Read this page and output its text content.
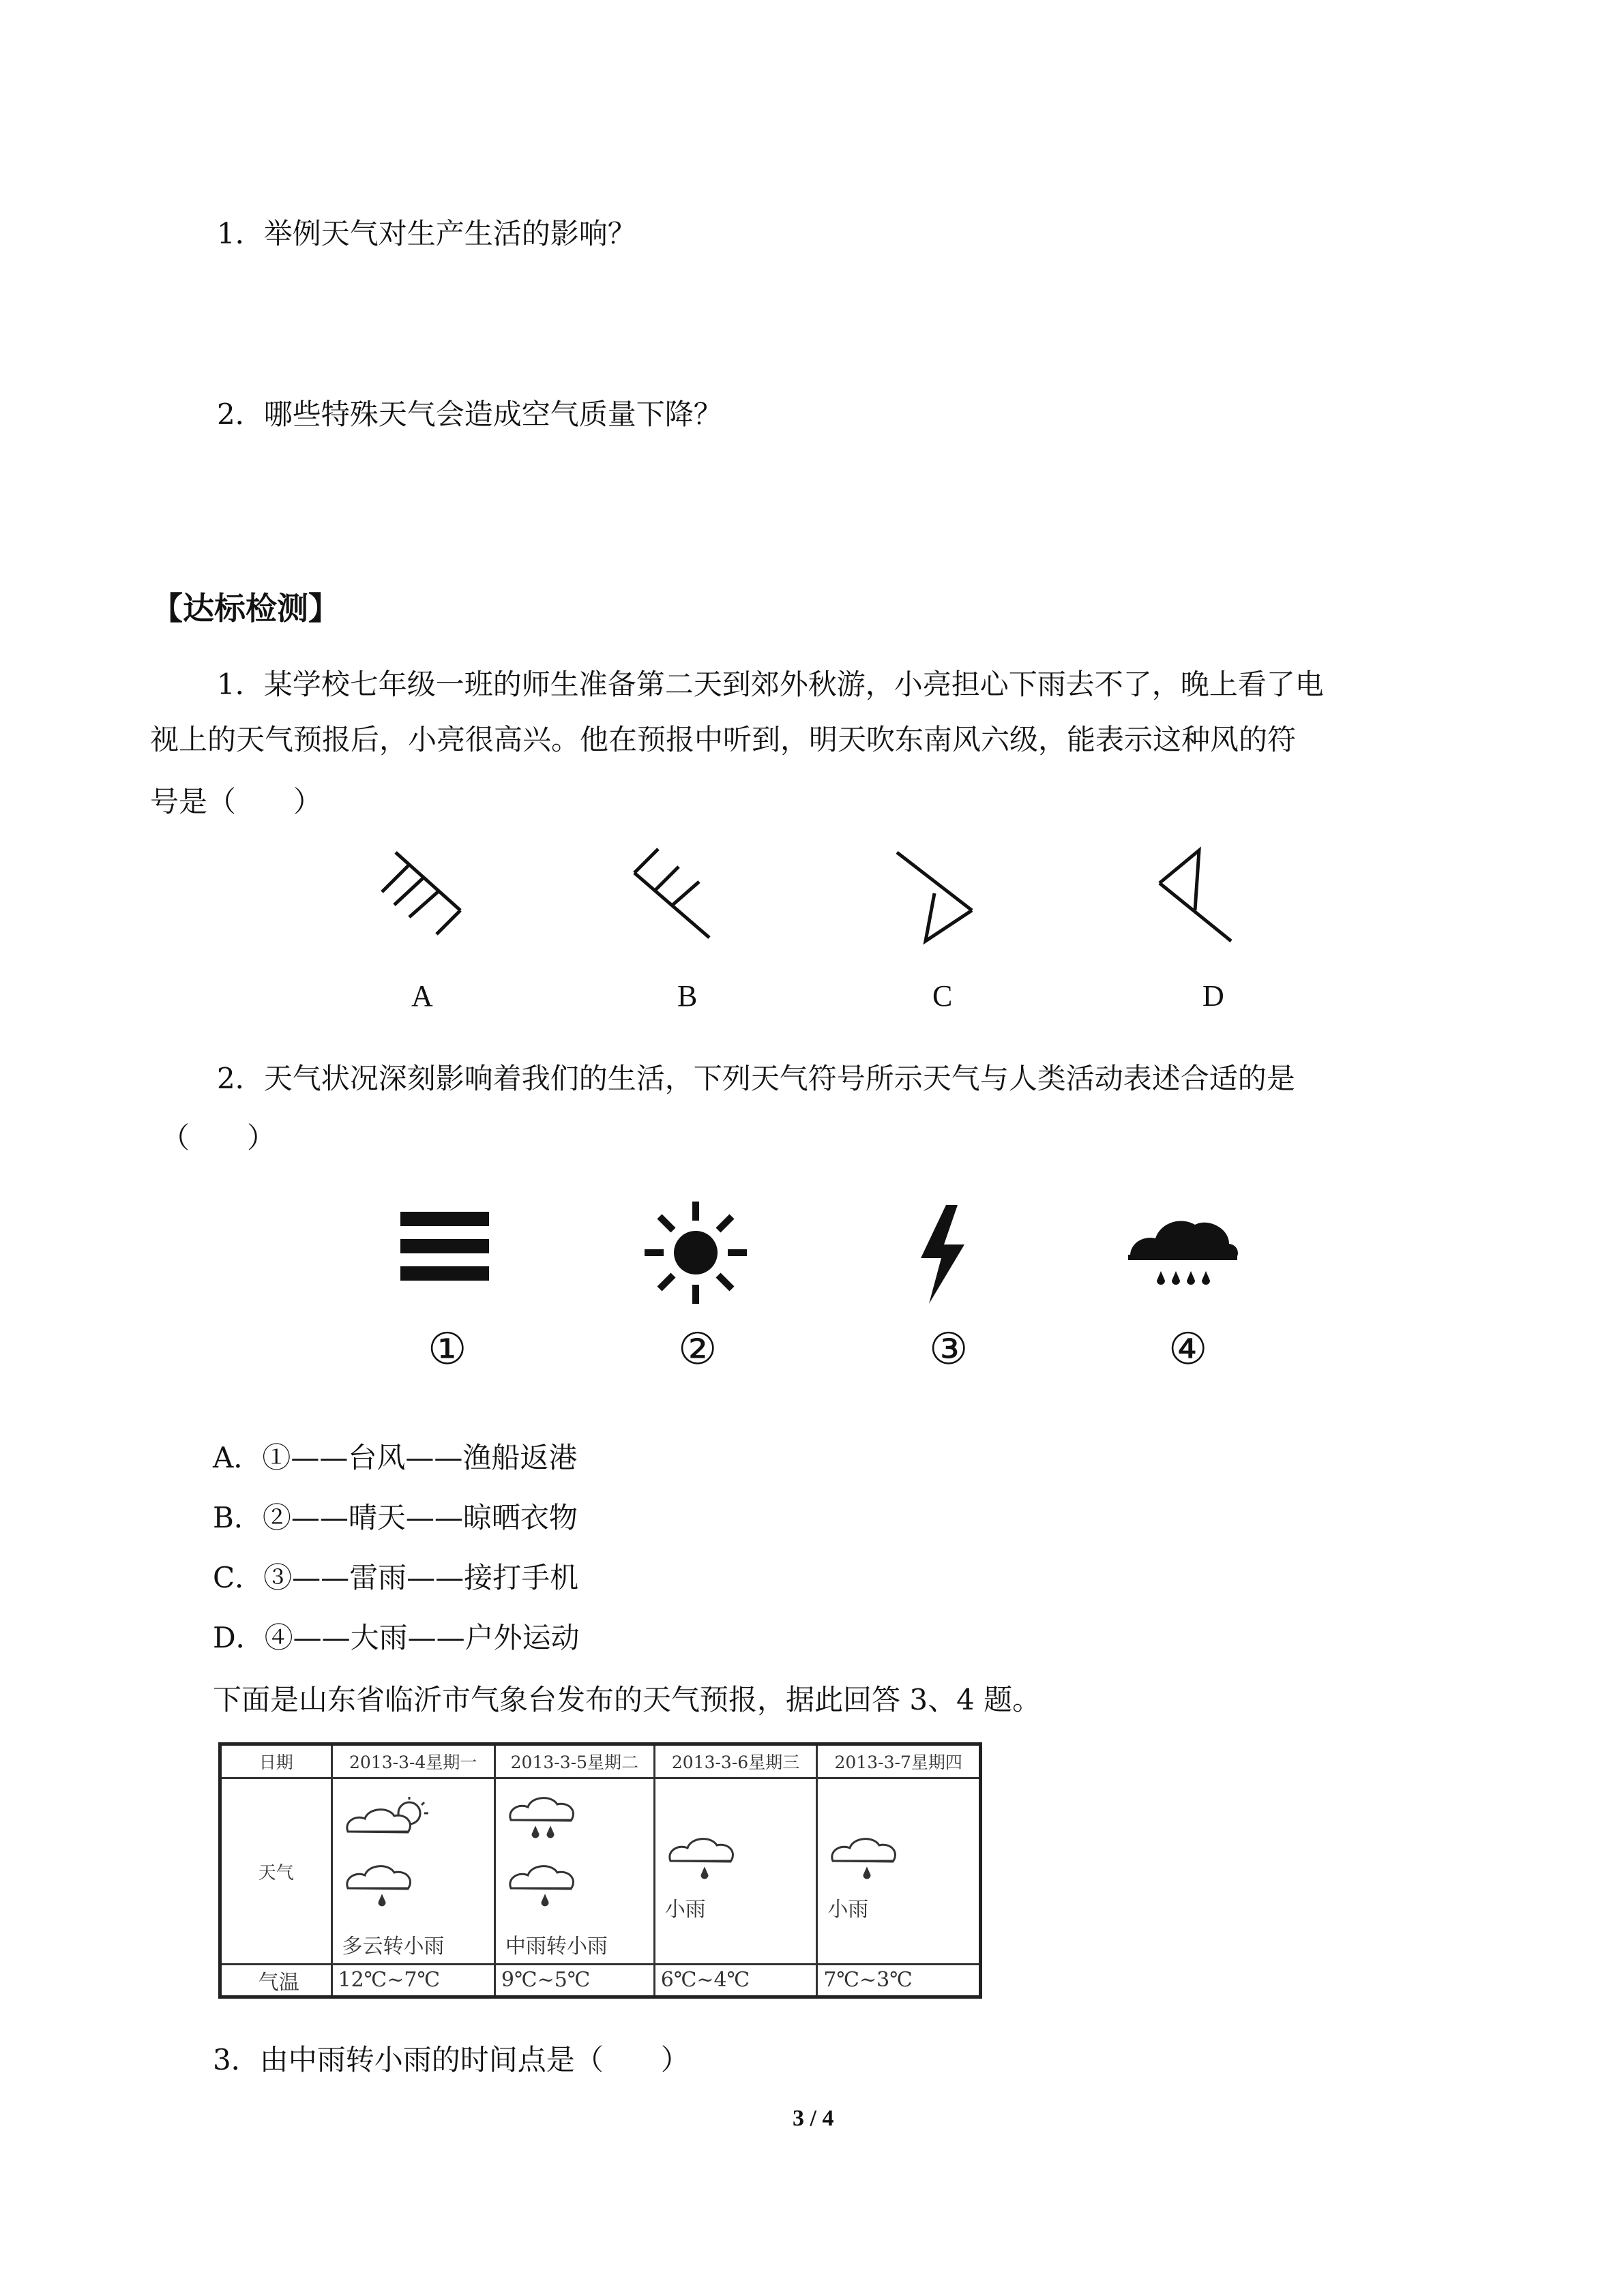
1．举例天气对生产生活的影响？
2．哪些特殊天气会造成空气质量下降？
【达标检测】
1．某学校七年级一班的师生准备第二天到郊外秋游，小亮担心下雨去不了，晚上看了电
视上的天气预报后，小亮很高兴。他在预报中听到，明天吹东南风六级，能表示这种风的符
号是（　　）
A	B	C	D
2．天气状况深刻影响着我们的生活，下列天气符号所示天气与人类活动表述合适的是
（　　）
①	②	③	④
A．①——台风——渔船返港
B．②——晴天——晾晒衣物
C．③——雷雨——接打手机
D．④——大雨——户外运动
下面是山东省临沂市气象台发布的天气预报，据此回答 3、4 题。
日期	2013-3-4星期一	2013-3-5星期二	2013-3-6星期三	2013-3-7星期四
天气	多云转小雨	中雨转小雨	小雨	小雨

气温	12℃~7℃	9℃~5℃	6℃~4℃	7℃~3℃
3．由中雨转小雨的时间点是（　　）
3 / 4
